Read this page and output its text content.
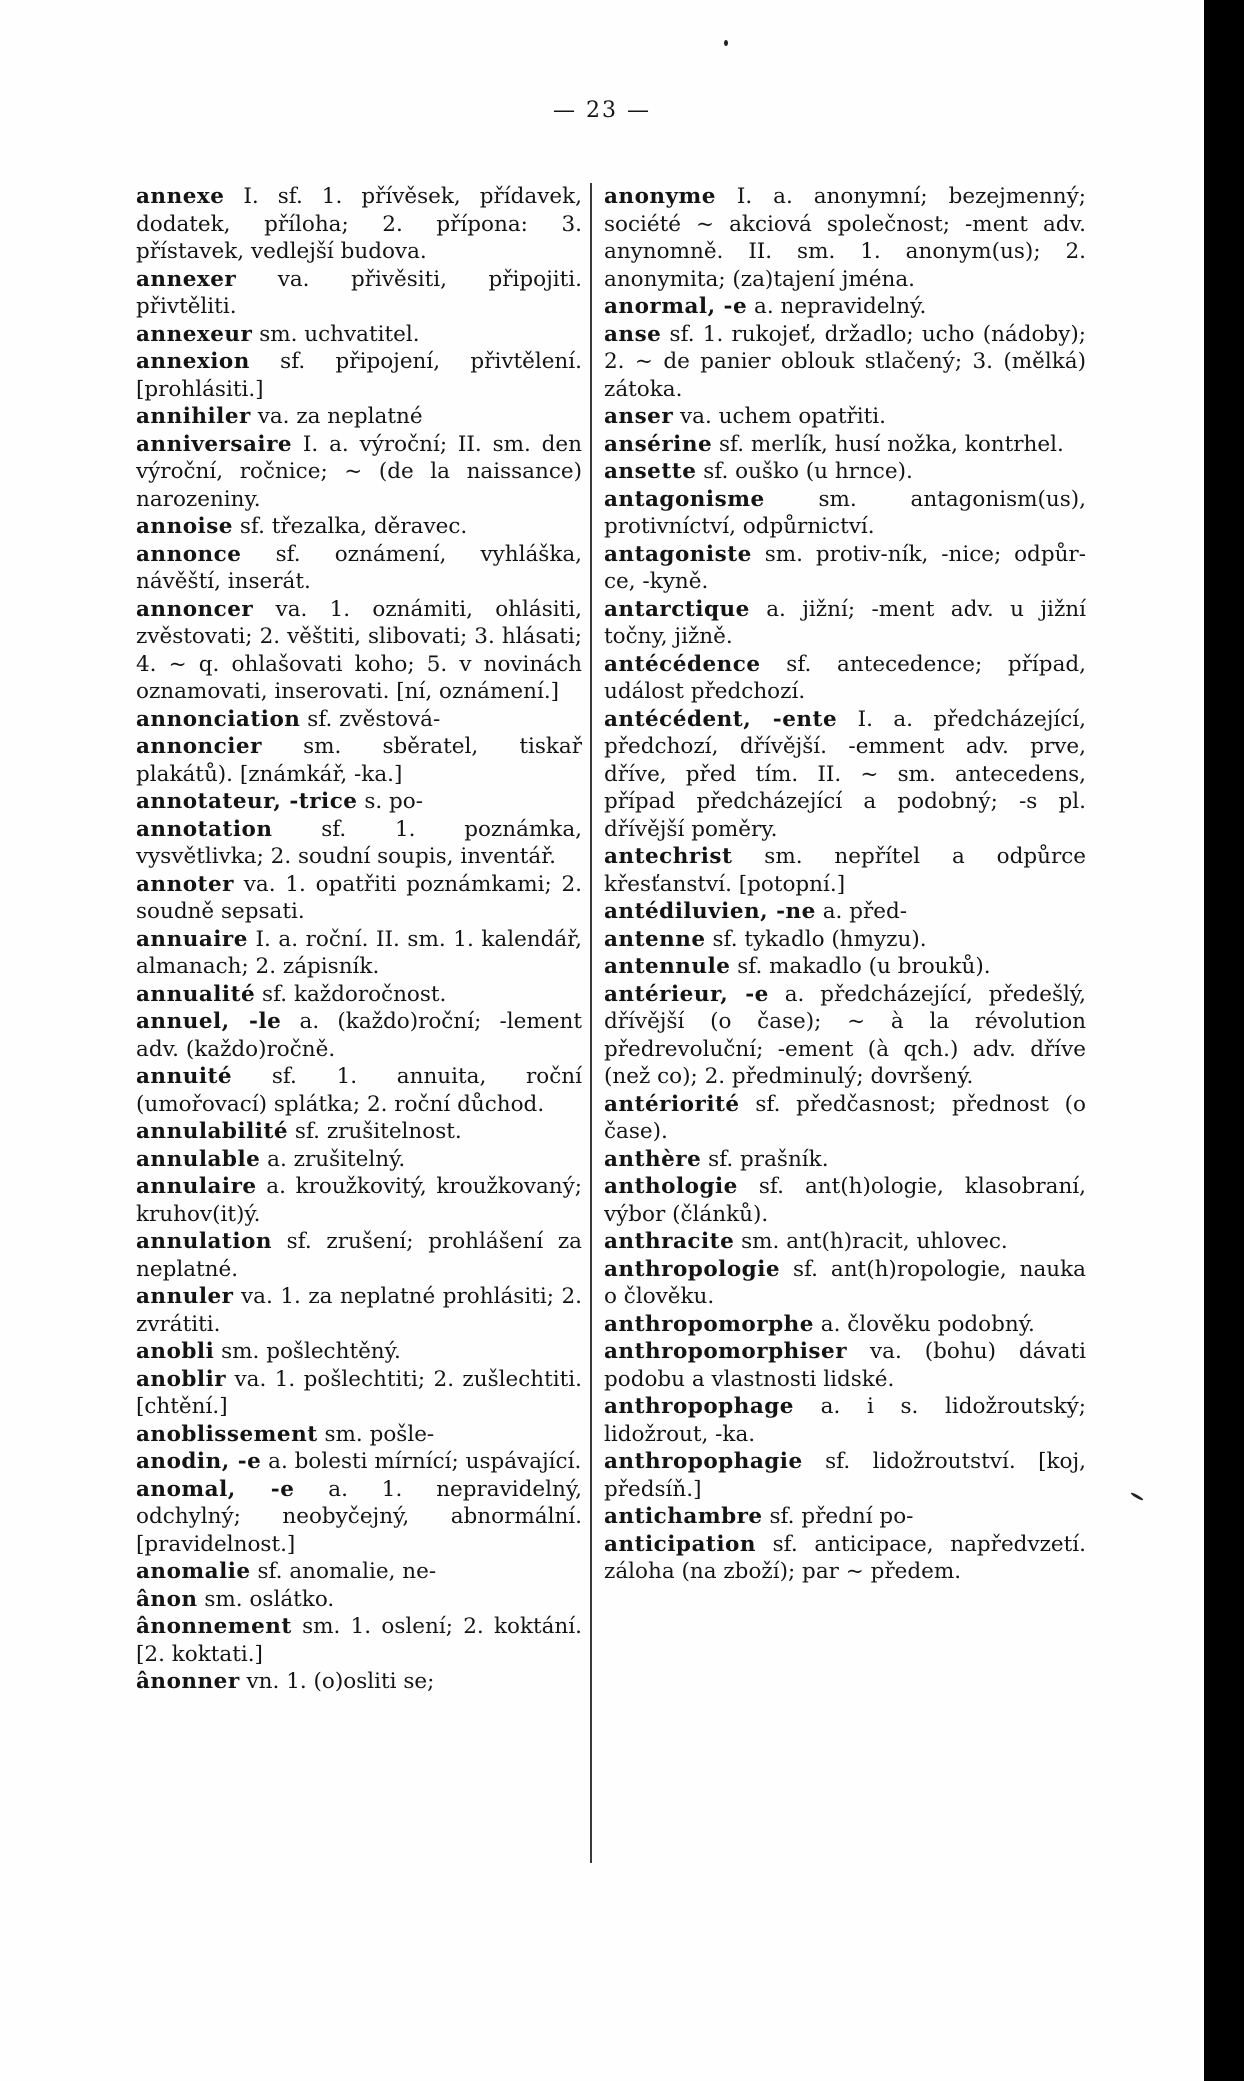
— 23 —
annexe I. sf. 1. přívěsek, přídavek, dodatek, příloha; 2. přípona: 3. přístavek, vedlejší budova.
annexer va. přivěsiti, připojiti. přivtěliti.
annexeur sm. uchvatitel.
annexion sf. připojení, přivtělení. [prohlásiti.]
annihiler va. za neplatné
anniversaire I. a. výroční; II. sm. den výroční, ročnice; ~ (de la naissance) narozeniny.
annoise sf. třezalka, děravec.
annonce sf. oznámení, vyhláška, návěští, inserát.
annoncer va. 1. oznámiti, ohlásiti, zvěstovati; 2. věštiti, slibovati; 3. hlásati; 4. ~ q. ohlašovati koho; 5. v novinách oznamovati, inserovati. [ní, oznámení.]
annonciation sf. zvěstová-
annoncier sm. sběratel, tiskař plakátů). [známkář, -ka.]
annotateur, -trice s. po-
annotation sf. 1. poznámka, vysvětlivka; 2. soudní soupis, inventář.
annoter va. 1. opatřiti poznámkami; 2. soudně sepsati.
annuaire I. a. roční. II. sm. 1. kalendář, almanach; 2. zápisník.
annualité sf. každoročnost.
annuel, -le a. (každo)roční; -lement adv. (každo)ročně.
annuité sf. 1. annuita, roční (umořovací) splátka; 2. roční důchod.
annulabilité sf. zrušitelnost.
annulable a. zrušitelný.
annulaire a. kroužkovitý, kroužkovaný; kruhov(it)ý.
annulation sf. zrušení; prohlášení za neplatné.
annuler va. 1. za neplatné prohlásiti; 2. zvrátiti.
anobli sm. pošlechtěný.
anoblir va. 1. pošlechtiti; 2. zušlechtiti. [chtění.]
anoblissement sm. pošle-
anodin, -e a. bolesti mírnící; uspávající.
anomal, -e a. 1. nepravidelný, odchylný; neobyčejný, abnormální. [pravidelnost.]
anomalie sf. anomalie, ne-
ânon sm. oslátko.
ânonnement sm. 1. oslení; 2. koktání. [2. koktati.]
ânonner vn. 1. (o)osliti se;
anonyme I. a. anonymní; bezejmenný; société ~ akciová společnost; -ment adv. anynomně. II. sm. 1. anonym(us); 2. anonymita; (za)tajení jména.
anormal, -e a. nepravidelný.
anse sf. 1. rukojeť, držadlo; ucho (nádoby); 2. ~ de panier oblouk stlačený; 3. (mělká) zátoka.
anser va. uchem opatřiti.
ansérine sf. merlík, husí nožka, kontrhel.
ansette sf. ouško (u hrnce).
antagonisme	sm. antagonism(us), protivníctví, odpůrnictví.
antagoniste sm. protiv-ník, -nice; odpůr-ce, -kyně.
antarctique a. jižní; -ment adv. u jižní točny, jižně.
antécédence sf. antecedence; případ, událost předchozí.
antécédent, -ente I. a. předcházející, předchozí, dřívější. -emment adv. prve, dříve, před tím. II. ~ sm. antecedens, případ předcházející a podobný; -s pl. dřívější poměry.
antechrist sm. nepřítel a odpůrce křesťanství. [potopní.]
antédiluvien, -ne a. před-
antenne sf. tykadlo (hmyzu).
antennule sf. makadlo (u brouků).
antérieur, -e a. předcházející, předešlý, dřívější (o čase); ~ à la révolution předrevoluční; -ement (à qch.) adv. dříve (než co); 2. předminulý; dovršený.
antériorité sf. předčasnost; přednost (o čase).
anthère sf. prašník.
anthologie sf. ant(h)ologie, klasobraní, výbor (článků).
anthracite sm. ant(h)racit, uhlovec.
anthropologie sf. ant(h)ropologie, nauka o člověku.
anthropomorphe a. člověku podobný.
anthropomorphiser va. (bohu) dávati podobu a vlastnosti lidské.
anthropophage a. i s. lidožroutský; lidožrout, -ka.
anthropophagie sf. lidožroutství. [koj, předsíň.]
antichambre sf. přední po-
anticipation sf. anticipace, napředvzetí. záloha (na zboží); par ~ předem.
